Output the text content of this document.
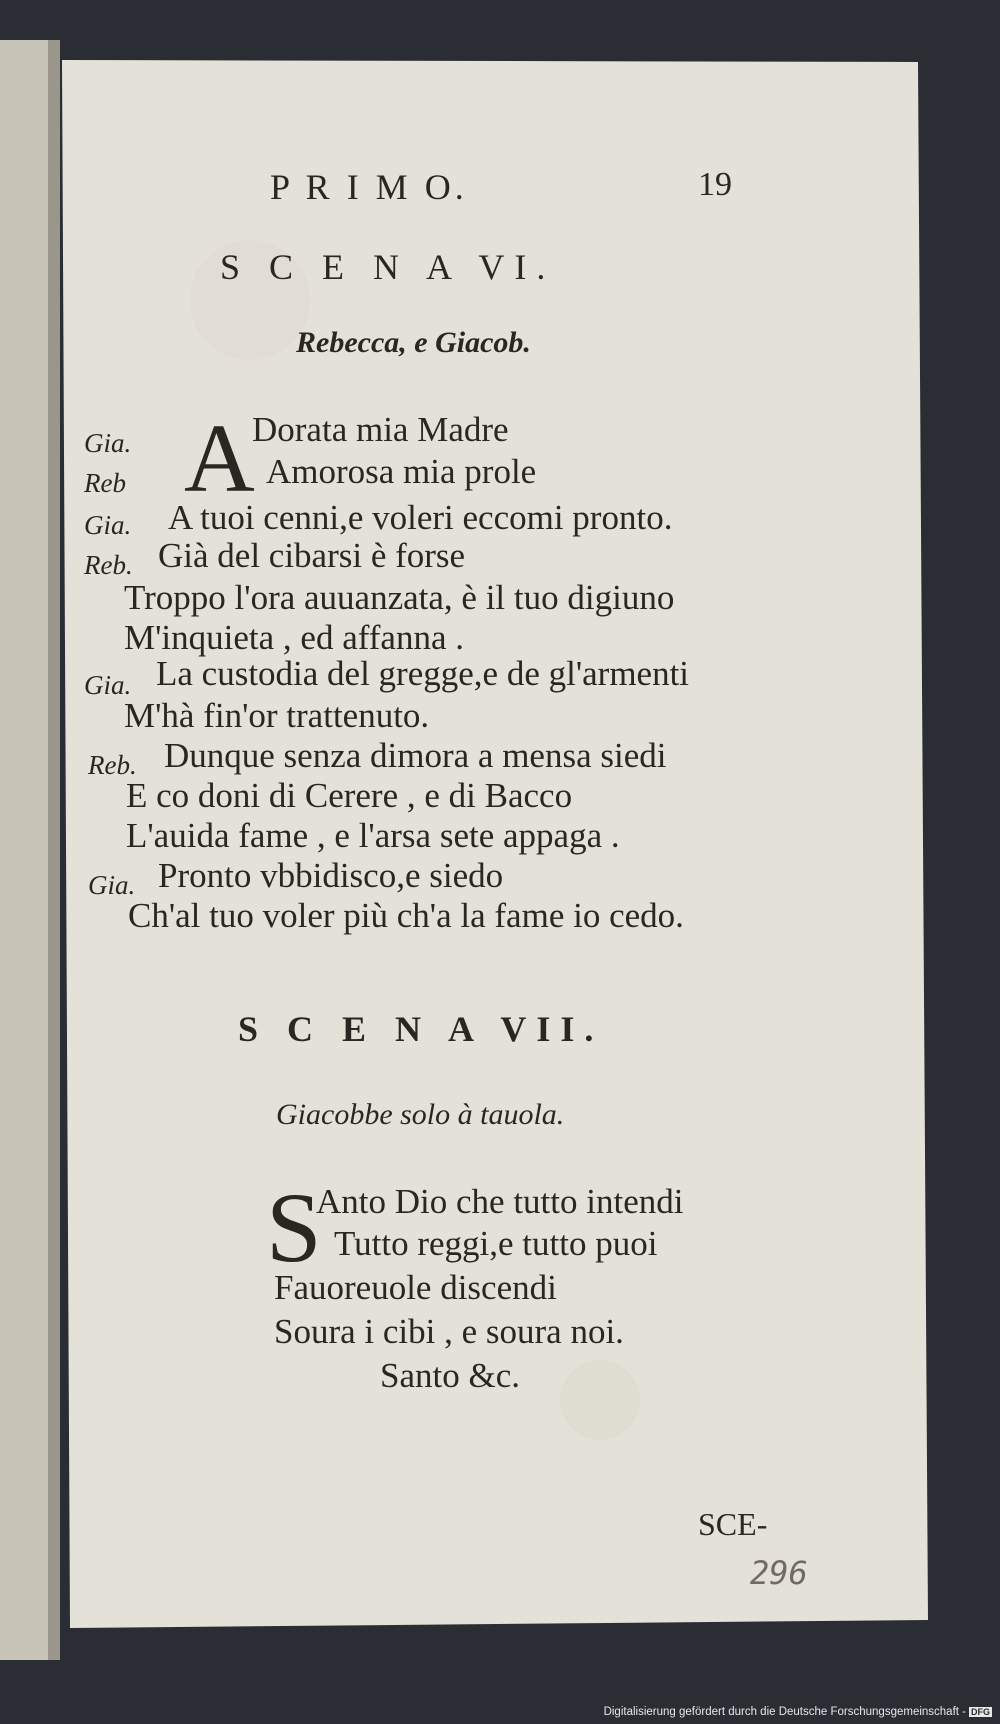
P R I M O.	19
S C E N A VI.
Rebecca, e Giacob.
A
Gia.	Dorata mia Madre
Reb	Amorosa mia prole
Gia. A tuoi cenni,e voleri eccomi pronto.
Reb. Già del cibarsi è forse
Troppo l'ora auuanzata, è il tuo digiuno
M'inquieta , ed affanna .
Gia. La custodia del gregge,e de gl'armenti
M'hà fin'or trattenuto.
Reb. Dunque senza dimora a mensa siedi
E co doni di Cerere , e di Bacco
L'auida fame , e l'arsa sete appaga .
Gia. Pronto vbbidisco,e siedo
Ch'al tuo voler più ch'a la fame io cedo.
S C E N A VII.
Giacobbe solo à tauola.
S
Anto Dio che tutto intendi
Tutto reggi,e tutto puoi
Fauoreuole discendi
Soura i cibi , e soura noi.
Santo &c.
SCE-
296
Digitalisierung gefördert durch die Deutsche Forschungsgemeinschaft - DFG
